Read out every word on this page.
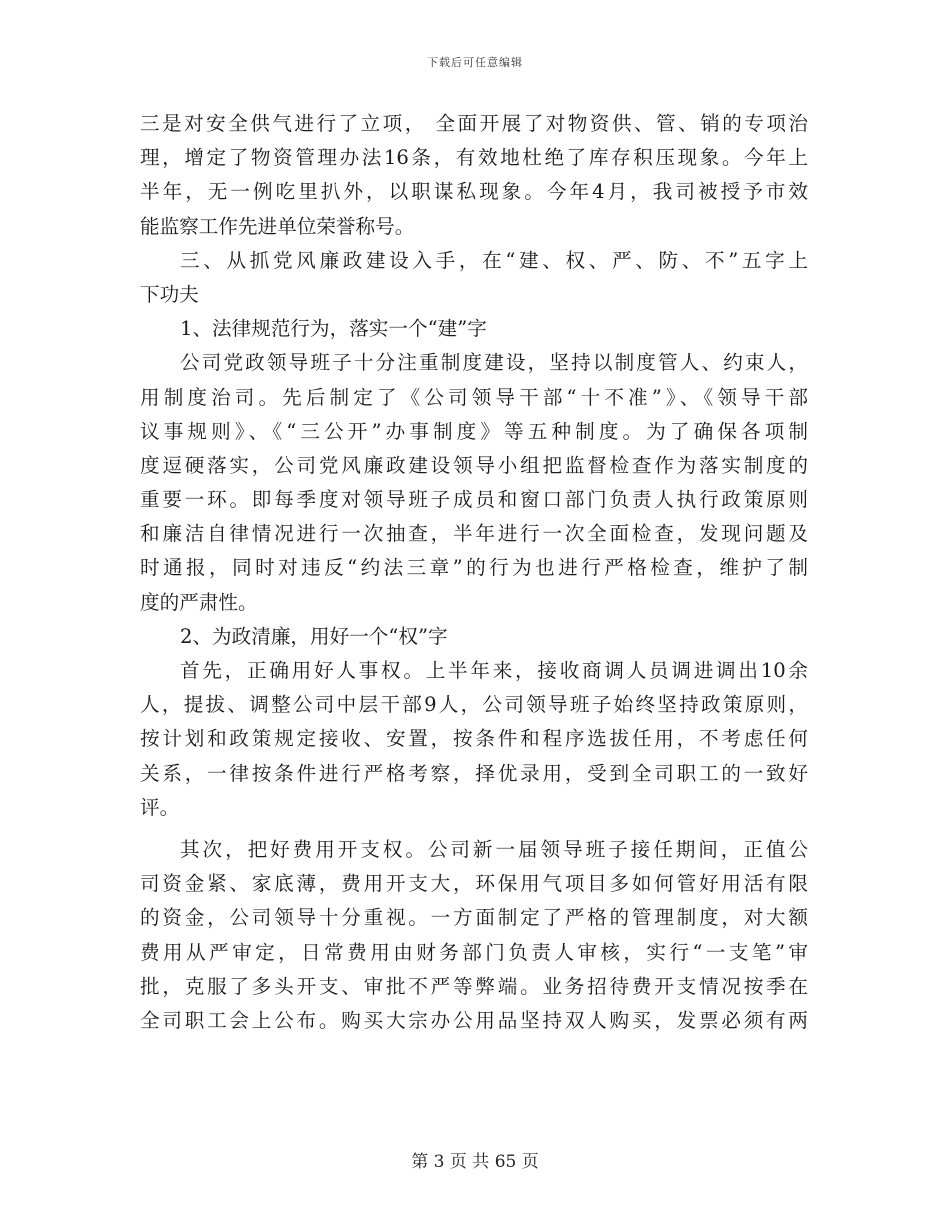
下载后可任意编辑
三是对安全供气进行了立项， 全面开展了对物资供、管、销的专项治
理，增定了物资管理办法16条，有效地杜绝了库存积压现象。今年上
半年，无一例吃里扒外，以职谋私现象。今年4月，我司被授予市效
能监察工作先进单位荣誉称号。
三、从抓党风廉政建设入手，在“建、权、严、防、不”五字上
下功夫
1、法律规范行为，落实一个“建”字
公司党政领导班子十分注重制度建设，坚持以制度管人、约束人，
用制度治司。先后制定了《公司领导干部“十不准”》、《领导干部
议事规则》、《“三公开”办事制度》等五种制度。为了确保各项制
度逗硬落实，公司党风廉政建设领导小组把监督检查作为落实制度的
重要一环。即每季度对领导班子成员和窗口部门负责人执行政策原则
和廉洁自律情况进行一次抽查，半年进行一次全面检查，发现问题及
时通报，同时对违反“约法三章”的行为也进行严格检查，维护了制
度的严肃性。
2、为政清廉，用好一个“权”字
首先，正确用好人事权。上半年来，接收商调人员调进调出10余
人，提拔、调整公司中层干部9人，公司领导班子始终坚持政策原则，
按计划和政策规定接收、安置，按条件和程序选拔任用，不考虑任何
关系，一律按条件进行严格考察，择优录用，受到全司职工的一致好
评。
其次，把好费用开支权。公司新一届领导班子接任期间，正值公
司资金紧、家底薄，费用开支大，环保用气项目多如何管好用活有限
的资金，公司领导十分重视。一方面制定了严格的管理制度，对大额
费用从严审定，日常费用由财务部门负责人审核，实行“一支笔”审
批，克服了多头开支、审批不严等弊端。业务招待费开支情况按季在
全司职工会上公布。购买大宗办公用品坚持双人购买，发票必须有两
第 3 页 共 65 页
